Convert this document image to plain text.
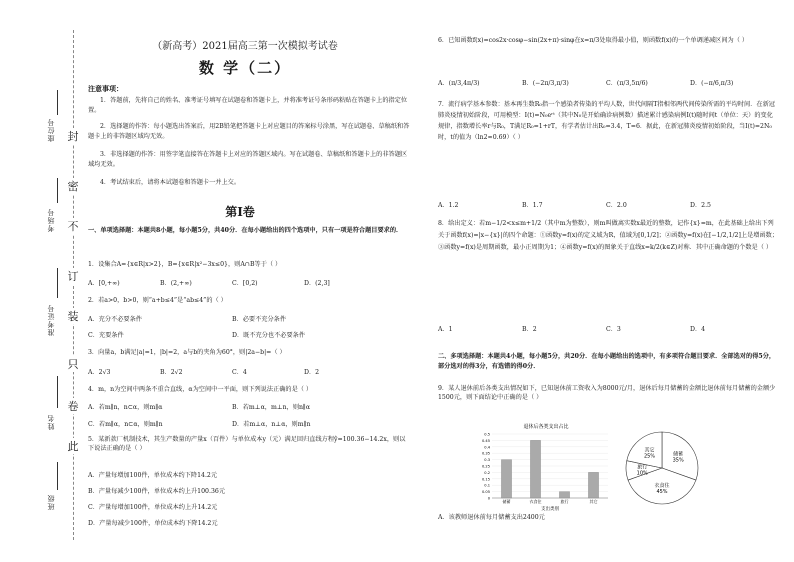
封
密
不
订
装
只
卷
此
座位号
考场号
准考证号
姓名
班级
（新高考）2021届高三第一次模拟考试卷
数 学（二）
注意事项：
1．答题前，先将自己的姓名、准考证号填写在试题卷和答题卡上，并将准考证号条形码粘贴在答题卡上的指定位置。
2．选择题的作答：每小题选出答案后，用2B铅笔把答题卡上对应题目的答案标号涂黑，写在试题卷、草稿纸和答题卡上的非答题区域均无效。
3．非选择题的作答：用签字笔直接答在答题卡上对应的答题区域内。写在试题卷、草稿纸和答题卡上的非答题区域均无效。
4．考试结束后，请将本试题卷和答题卡一并上交。
第Ⅰ卷
一、单项选择题：本题共8小题，每小题5分，共40分．在每小题给出的四个选项中，只有一项是符合题目要求的．
1．设集合A={x∈R|x>2}，B={x∈R|x²−3x≤0}，则A∩B等于（ ）
A．[0,+∞)	B．(2,+∞)	C．[0,2)	D．(2,3]
2．若a>0，b>0，则“a+b≤4”是“ab≤4”的（ ）
A．充分不必要条件	B．必要不充分条件
C．充要条件	D．既不充分也不必要条件
3．向量a，b满足|a|=1，|b|=2，a与b的夹角为60°，则|2a−b|=（ ）
A．2√3	B．2√2	C．4	D．2
4．m，n为空间中两条不重合直线，α为空间中一平面，则下列说法正确的是（ ）
A．若m∥n，n⊂α，则m∥α	B．若m⊥α，m⊥n，则n∥α
C．若m∥α，n⊂α，则m∥n	D．若m⊥α，n⊥α，则m∥n
5．某新款厂机制技术，其生产数量的产量x（百件）与单位成本y（元）满足回归直线方程ŷ=100.36−14.2x，则以下说法正确的是（ ）
A．产量每增加100件，单位成本约下降14.2元
B．产量每减少100件，单位成本约上升100.36元
C．产量每增加100件，单位成本约上升14.2元
D．产量每减少100件，单位成本约下降14.2元
6．已知函数f(x)=cos2x·cosφ−sin(2x+π)·sinφ在x=π/3处取得最小值，则函数f(x)的一个单调递减区间为（ ）
A．(π/3,4π/3)	B．(−2π/3,π/3)	C．(π/3,5π/6)	D．(−π/6,π/3)
7．流行病学基本参数：基本再生数R₀指一个感染者传染的平均人数，世代间隔T指相邻两代间传染所需的平均时间．在新冠肺炎疫情初始阶段，可用模型：I(t)=N₀eʳᵗ（其中N₀是开始确诊病例数）描述累计感染病例I(t)随时间t（单位：天）的变化规律，指数增长率r与R₀，T满足R₀=1+rT，有学者估计出R₀=3.4，T=6．据此，在新冠肺炎疫情初始阶段，当I(t)=2N₀时，t的值为（ln2≈0.69）（ ）
A．1.2	B．1.7	C．2.0	D．2.5
8．给出定义：若m−1/2<x≤m+1/2（其中m为整数），则m叫做离实数x最近的整数，记作{x}=m，在此基础上给出下列关于函数f(x)=|x−{x}|的四个命题：①函数y=f(x)的定义域为R，值域为[0,1/2]；②函数y=f(x)在[−1/2,1/2]上是增函数；③函数y=f(x)是周期函数，最小正周期为1；④函数y=f(x)的图象关于直线x=k/2(k∈Z)对称．其中正确命题的个数是（ ）
A．1	B．2	C．3	D．4
二、多项选择题：本题共4小题，每小题5分，共20分．在每小题给出的选项中，有多项符合题目要求．全部选对的得5分，部分选对的得3分，有选错的得0分．
9．某人退休前后各类支出情况如下，已知退休前工资收入为8000元/月，退休后每月储蓄的金额比退休前每月储蓄的金额少1500元，则下面结论中正确的是（ ）
退休后各类支出占比
0
0.05
0.1
0.15
0.2
0.25
0.3
0.35
0.4
0.45
0.5
储蓄	衣食住	旅行	其它
支出类别
储蓄
35%
衣食住
45%
旅行
10%
其它
25%
A．该教师退休前每月储蓄支出2400元
